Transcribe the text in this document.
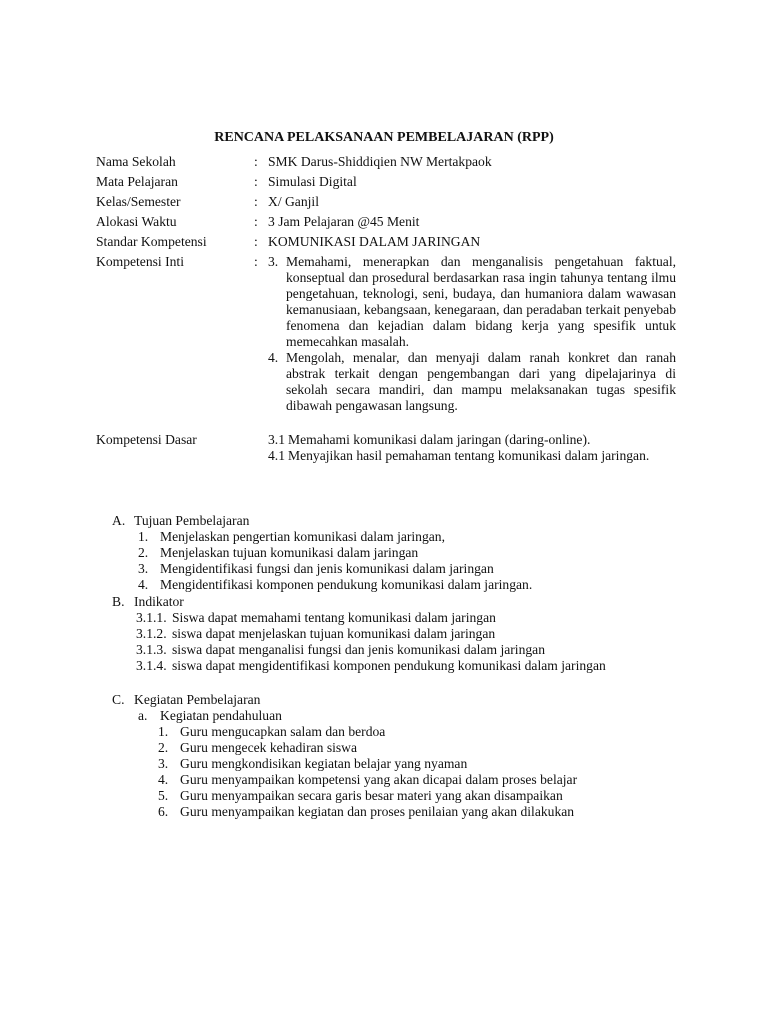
RENCANA PELAKSANAAN PEMBELAJARAN (RPP)
Nama Sekolah	: SMK Darus-Shiddiqien NW Mertakpaok
Mata Pelajaran	: Simulasi Digital
Kelas/Semester	: X/ Ganjil
Alokasi Waktu	: 3 Jam Pelajaran @45 Menit
Standar Kompetensi	: KOMUNIKASI DALAM JARINGAN
Kompetensi Inti	: 3. Memahami, menerapkan dan menganalisis pengetahuan faktual, konseptual dan prosedural berdasarkan rasa ingin tahunya tentang ilmu pengetahuan, teknologi, seni, budaya, dan humaniora dalam wawasan kemanusiaan, kebangsaan, kenegaraan, dan peradaban terkait penyebab fenomena dan kejadian dalam bidang kerja yang spesifik untuk memecahkan masalah.
4. Mengolah, menalar, dan menyaji dalam ranah konkret dan ranah abstrak terkait dengan pengembangan dari yang dipelajarinya di sekolah secara mandiri, dan mampu melaksanakan tugas spesifik dibawah pengawasan langsung.
Kompetensi Dasar	3.1 Memahami komunikasi dalam jaringan (daring-online).
4.1 Menyajikan hasil pemahaman tentang komunikasi dalam jaringan.
A. Tujuan Pembelajaran
1. Menjelaskan pengertian komunikasi dalam jaringan,
2. Menjelaskan tujuan komunikasi dalam jaringan
3. Mengidentifikasi fungsi dan jenis komunikasi dalam jaringan
4. Mengidentifikasi komponen pendukung komunikasi dalam jaringan.
B. Indikator
3.1.1. Siswa dapat memahami tentang komunikasi dalam jaringan
3.1.2. siswa dapat menjelaskan tujuan komunikasi dalam jaringan
3.1.3. siswa dapat menganalisi fungsi dan jenis komunikasi dalam jaringan
3.1.4. siswa dapat mengidentifikasi komponen pendukung komunikasi dalam jaringan
C. Kegiatan Pembelajaran
a. Kegiatan pendahuluan
1. Guru mengucapkan salam dan berdoa
2. Guru mengecek kehadiran siswa
3. Guru mengkondisikan kegiatan belajar yang nyaman
4. Guru menyampaikan kompetensi yang akan dicapai dalam proses belajar
5. Guru menyampaikan secara garis besar materi yang akan disampaikan
6. Guru menyampaikan kegiatan dan proses penilaian yang akan dilakukan
